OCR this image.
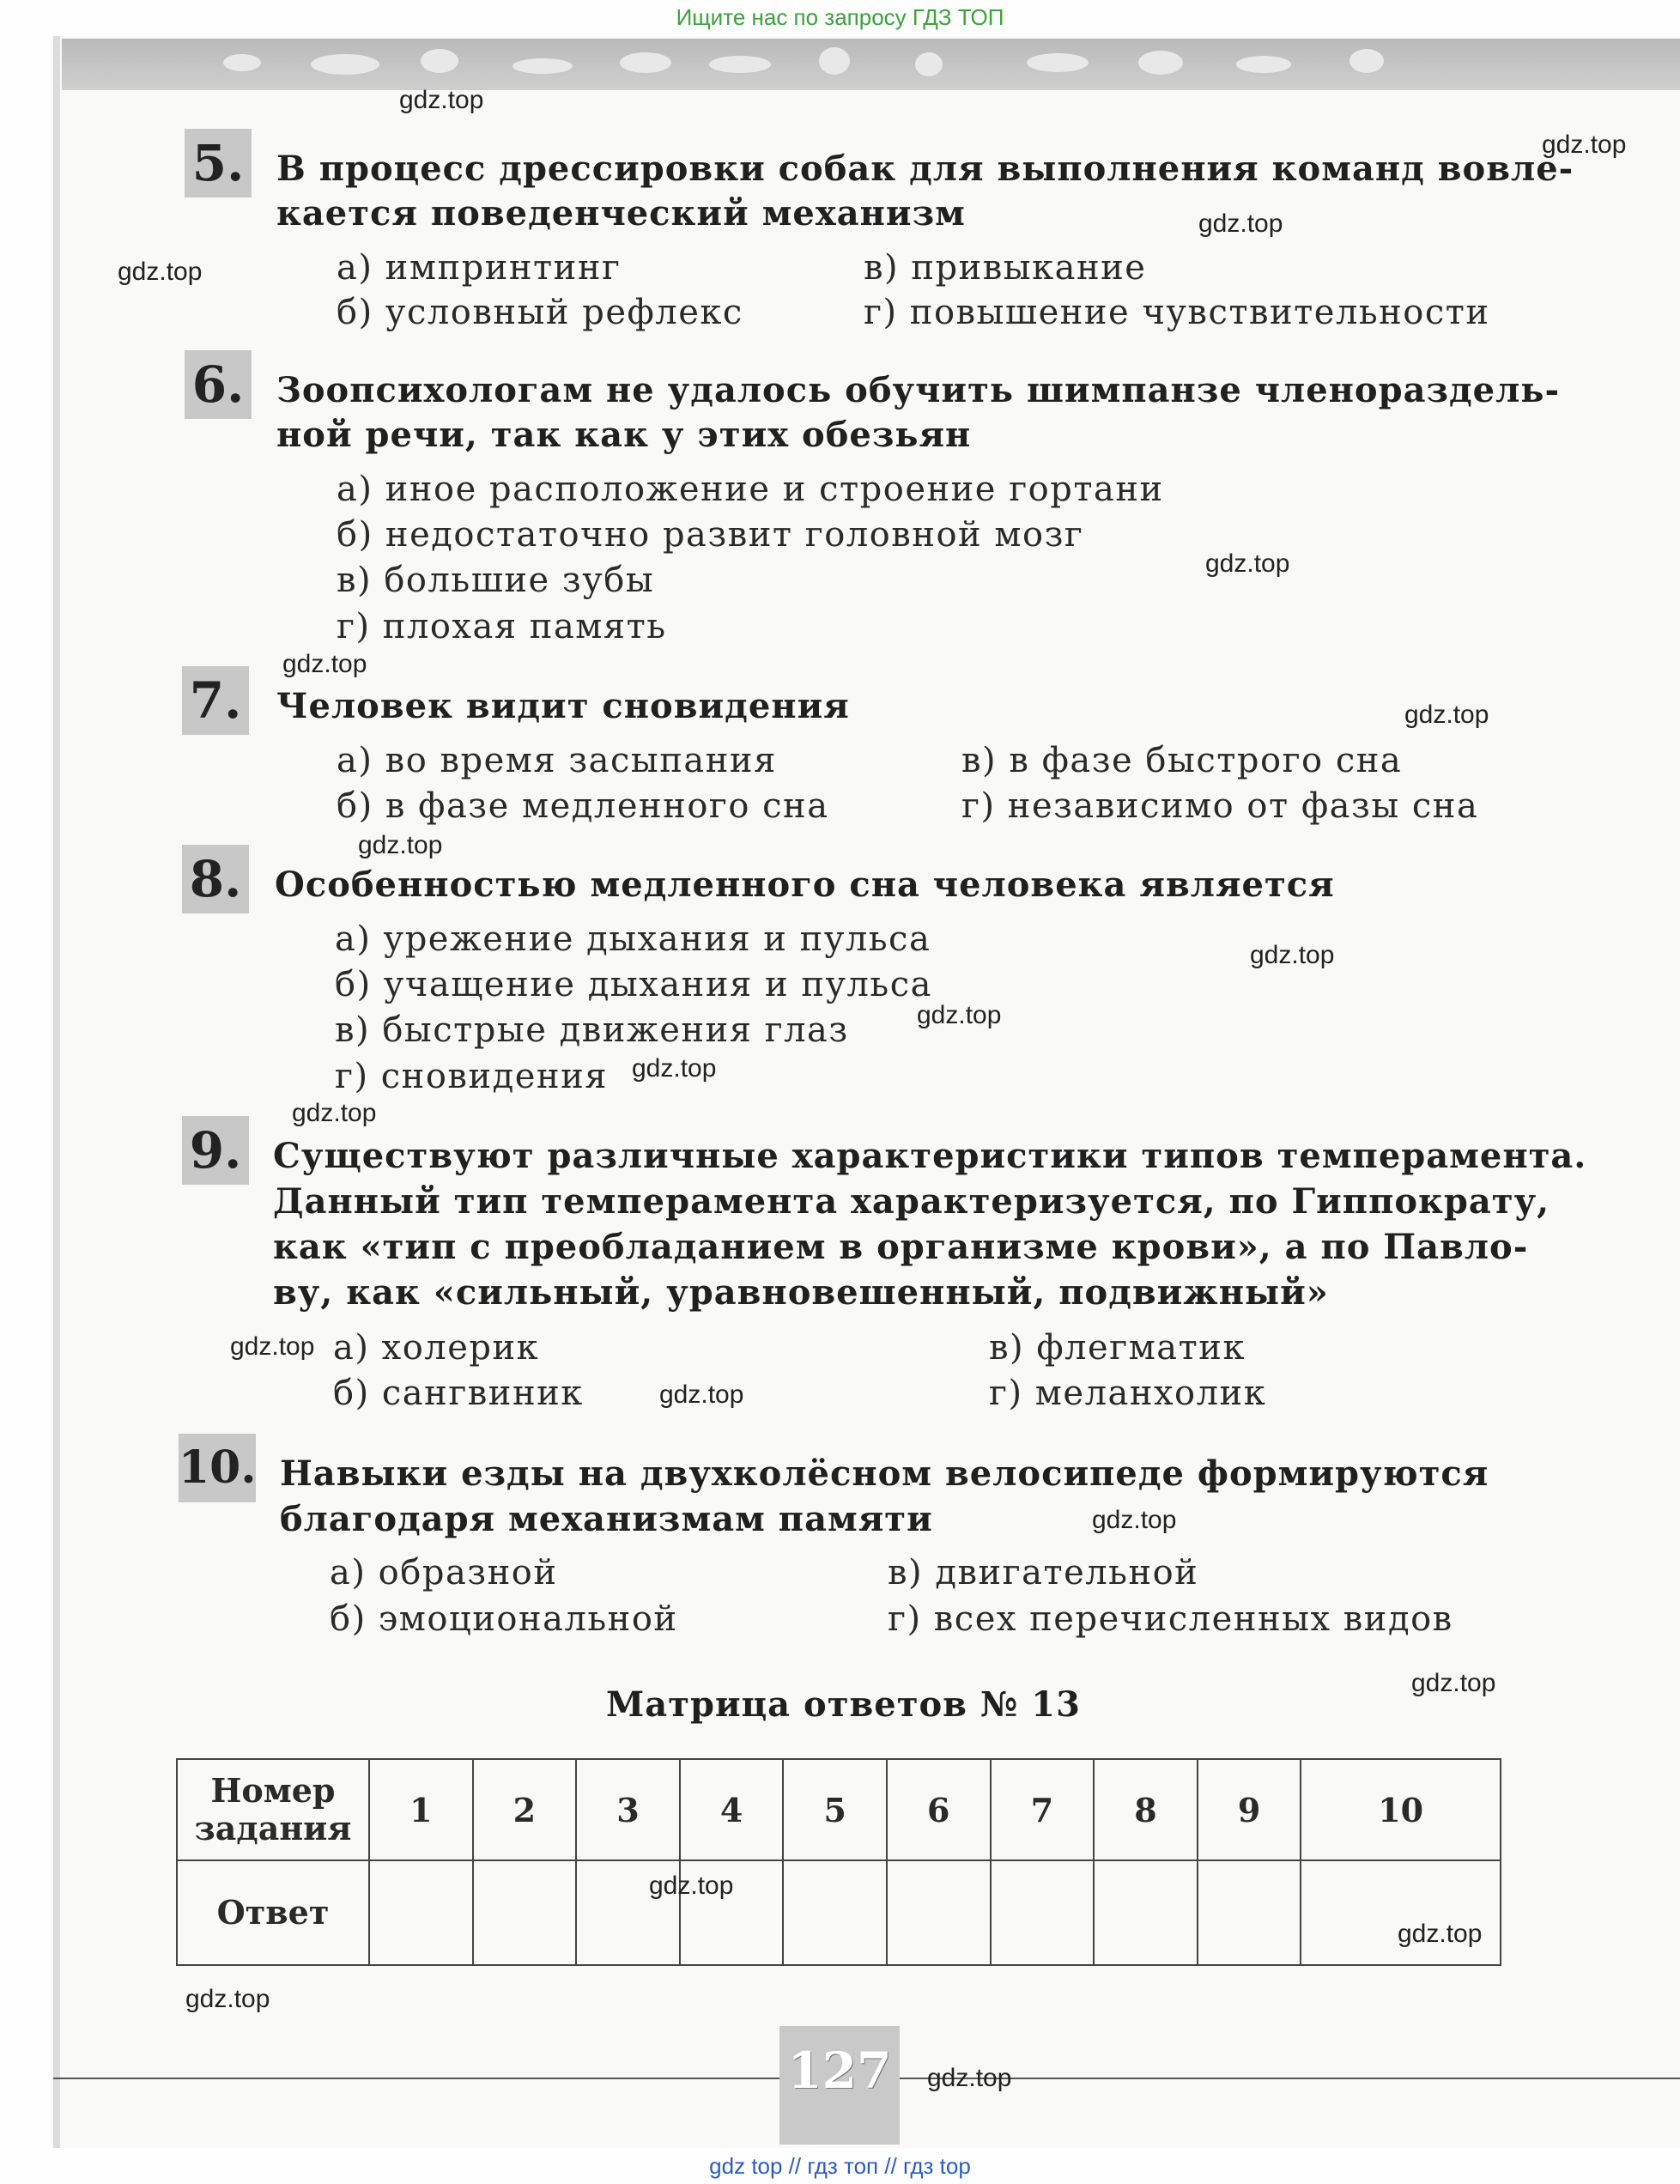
Ищите нас по запросу ГДЗ ТОП
5. В процесс дрессировки собак для выполнения команд вовле-
кается поведенческий механизм
а) импринтинг	в) привыкание
б) условный рефлекс	г) повышение чувствительности
6. Зоопсихологам не удалось обучить шимпанзе членораздель-
ной речи, так как у этих обезьян
а) иное расположение и строение гортани
б) недостаточно развит головной мозг
в) большие зубы
г) плохая память
7. Человек видит сновидения
а) во время засыпания	в) в фазе быстрого сна
б) в фазе медленного сна	г) независимо от фазы сна
8. Особенностью медленного сна человека является
а) урежение дыхания и пульса
б) учащение дыхания и пульса
в) быстрые движения глаз
г) сновидения
9. Существуют различные характеристики типов темперамента.
Данный тип темперамента характеризуется, по Гиппократу,
как «тип с преобладанием в организме крови», а по Павло-
ву, как «сильный, уравновешенный, подвижный»
а) холерик	в) флегматик
б) сангвиник	г) меланхолик
10. Навыки езды на двухколёсном велосипеде формируются
благодаря механизмам памяти
а) образной	в) двигательной
б) эмоциональной	г) всех перечисленных видов
Матрица ответов № 13
Номер
задания	1	2	3	4	5	6	7	8	9	10
Ответ										
127
gdz.top
gdz.top
gdz.top
gdz.top
gdz.top
gdz.top
gdz.top
gdz.top
gdz.top
gdz.top
gdz.top
gdz.top
gdz.top
gdz.top
gdz.top
gdz.top
gdz.top
gdz.top
gdz.top
gdz.top
gdz top // гдз топ // гдз top
